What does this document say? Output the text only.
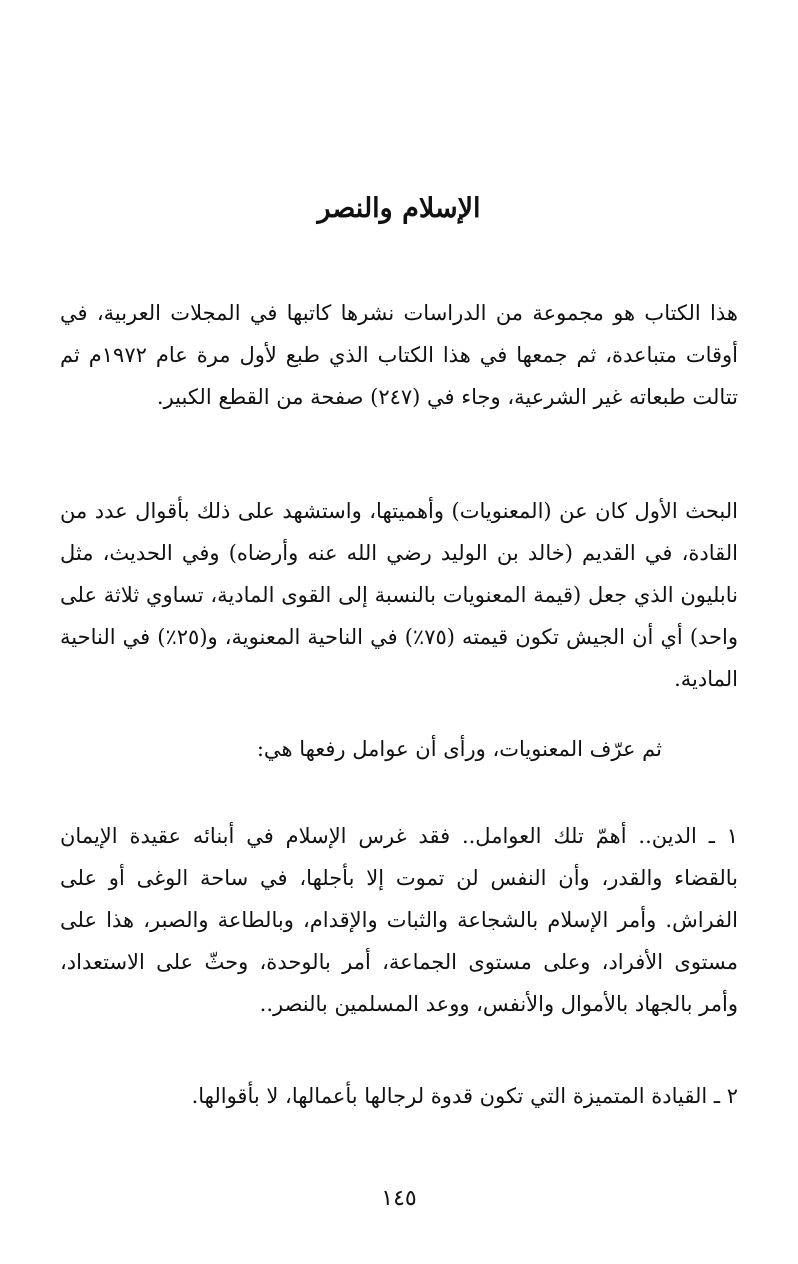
الإسلام والنصر

هذا الكتاب هو مجموعة من الدراسات نشرها كاتبها في المجلات العربية، في أوقات متباعدة، ثم جمعها في هذا الكتاب الذي طبع لأول مرة عام ١٩٧٢م ثم تتالت طبعاته غير الشرعية، وجاء في (٢٤٧) صفحة من القطع الكبير.

البحث الأول كان عن (المعنويات) وأهميتها، واستشهد على ذلك بأقوال عدد من القادة، في القديم (خالد بن الوليد رضي الله عنه وأرضاه) وفي الحديث، مثل نابليون الذي جعل (قيمة المعنويات بالنسبة إلى القوى المادية، تساوي ثلاثة على واحد) أي أن الجيش تكون قيمته (٧٥٪) في الناحية المعنوية، و(٢٥٪) في الناحية المادية.

ثم عرّف المعنويات، ورأى أن عوامل رفعها هي:

١ ـ الدين.. أهمّ تلك العوامل.. فقد غرس الإسلام في أبنائه عقيدة الإيمان بالقضاء والقدر، وأن النفس لن تموت إلا بأجلها، في ساحة الوغى أو على الفراش. وأمر الإسلام بالشجاعة والثبات والإقدام، وبالطاعة والصبر، هذا على مستوى الأفراد، وعلى مستوى الجماعة، أمر بالوحدة، وحثّ على الاستعداد، وأمر بالجهاد بالأموال والأنفس، ووعد المسلمين بالنصر..

٢ ـ القيادة المتميزة التي تكون قدوة لرجالها بأعمالها، لا بأقوالها.

١٤٥
